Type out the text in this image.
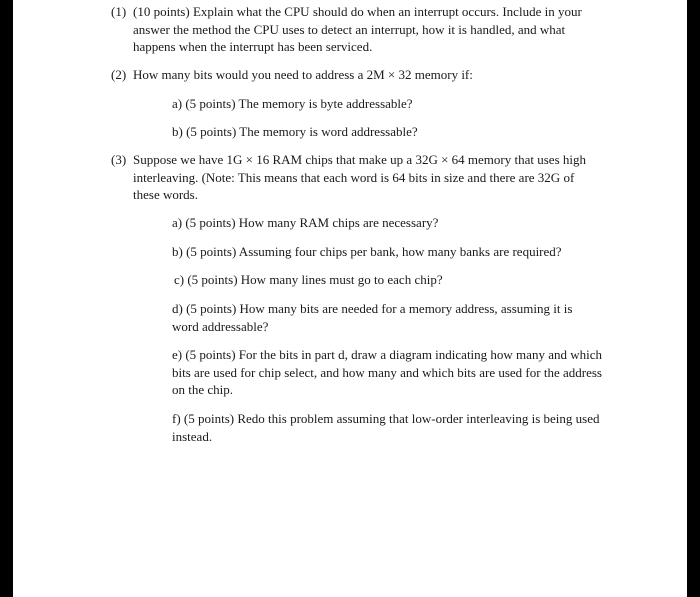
(1) (10 points) Explain what the CPU should do when an interrupt occurs. Include in your answer the method the CPU uses to detect an interrupt, how it is handled, and what happens when the interrupt has been serviced.
(2) How many bits would you need to address a 2M × 32 memory if:
a) (5 points) The memory is byte addressable?
b) (5 points) The memory is word addressable?
(3) Suppose we have 1G × 16 RAM chips that make up a 32G × 64 memory that uses high interleaving. (Note: This means that each word is 64 bits in size and there are 32G of these words.
a) (5 points) How many RAM chips are necessary?
b) (5 points) Assuming four chips per bank, how many banks are required?
c) (5 points) How many lines must go to each chip?
d) (5 points) How many bits are needed for a memory address, assuming it is word addressable?
e) (5 points) For the bits in part d, draw a diagram indicating how many and which bits are used for chip select, and how many and which bits are used for the address on the chip.
f) (5 points) Redo this problem assuming that low-order interleaving is being used instead.
